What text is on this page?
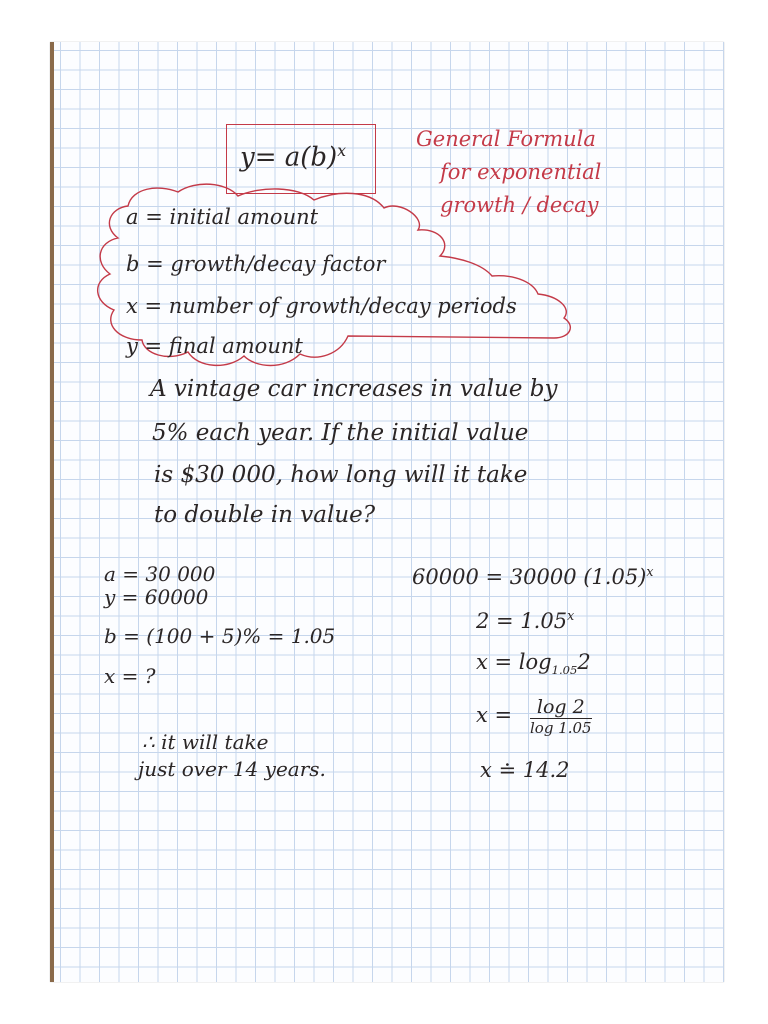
$y= a(b)^x$	General Formula
for exponential
growth / decay
a = initial amount
b = growth/decay factor
x = number of growth/decay periods
y = final amount
A vintage car increases in value by
5% each year. If the initial value
is $30 000, how long will it take
to double in value?
a = 30 000
y = 60000
b = (100 + 5)% = 1.05
x = ?
∴ it will take
just over 14 years.
60000 = 30000 $(1.05)^x$
$2 = 1.05^x$
$x = \log_{1.05}2$
x =	log 2
log 1.05
x ≐ 14.2
